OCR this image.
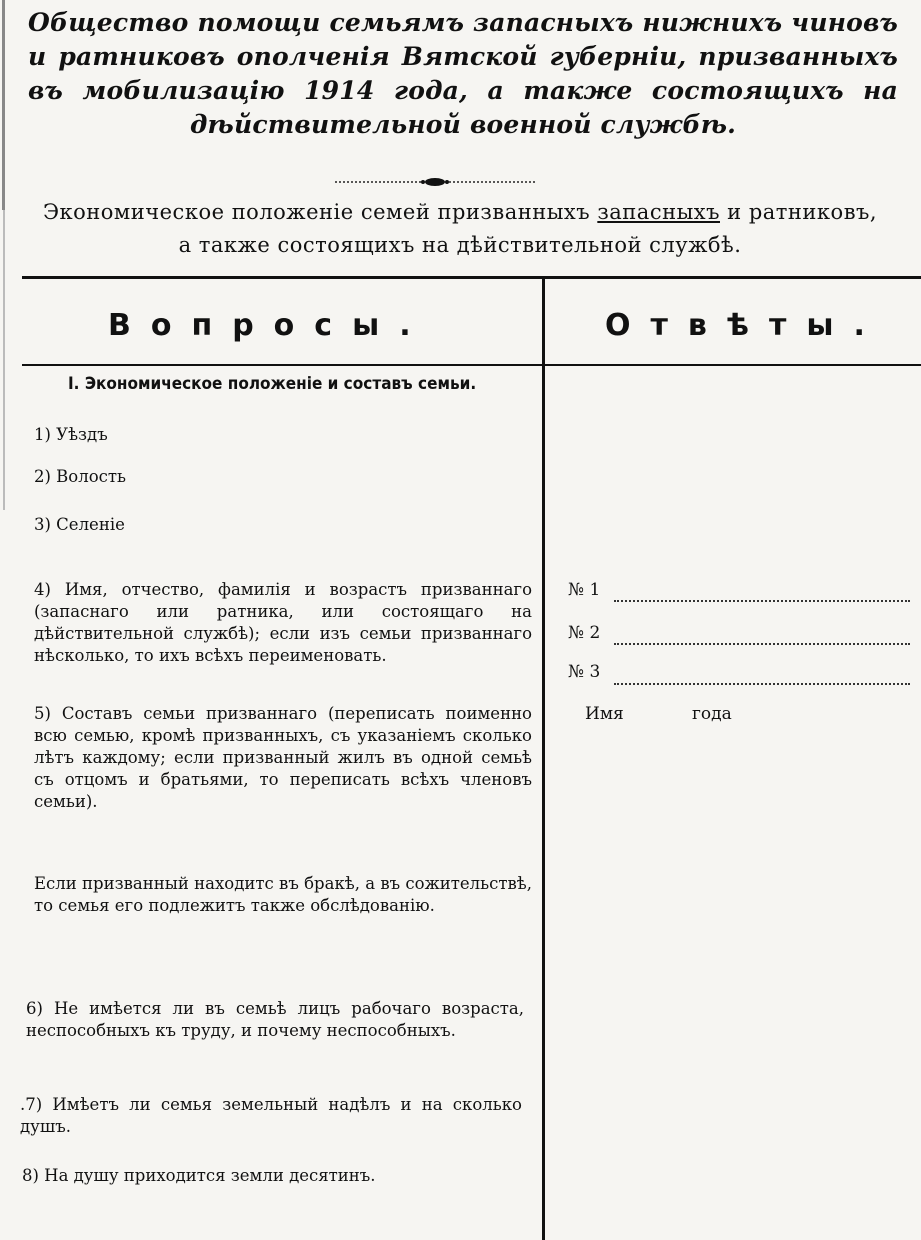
Общество помощи семьямъ запасныхъ нижнихъ чиновъ и ратниковъ ополченія Вятской губерніи, призванныхъ въ мобилизацію 1914 года, а также состоящихъ на дѣйствительной военной службѣ.
Экономическое положеніе семей призванныхъ запасныхъ и ратниковъ,
а также состоящихъ на дѣйствительной службѣ.
Вопросы.	Отвѣты.
I. Экономическое положеніе и составъ семьи.
1) Уѣздъ
2) Волость
3) Селеніе
4) Имя, отчество, фамилія и возрастъ призваннаго (запаснаго или ратника, или состоящаго на дѣйствительной службѣ); если изъ семьи призваннаго нѣсколько, то ихъ всѣхъ переименовать.
5) Составъ семьи призваннаго (переписать поименно всю семью, кромѣ призванныхъ, съ указаніемъ сколько лѣтъ каждому; если призванный жилъ въ одной семьѣ съ отцомъ и братьями, то переписать всѣхъ членовъ семьи).
Если призванный находитс въ бракѣ, а въ сожительствѣ, то семья его подлежитъ также обслѣдованію.
6) Не имѣется ли въ семьѣ лицъ рабочаго возраста, неспособныхъ къ труду, и почему неспособныхъ.
.7) Имѣетъ ли семья земельный надѣлъ и на сколько душъ.
8) На душу приходится земли десятинъ.
№ 1
№ 2
№ 3
Имя	года
